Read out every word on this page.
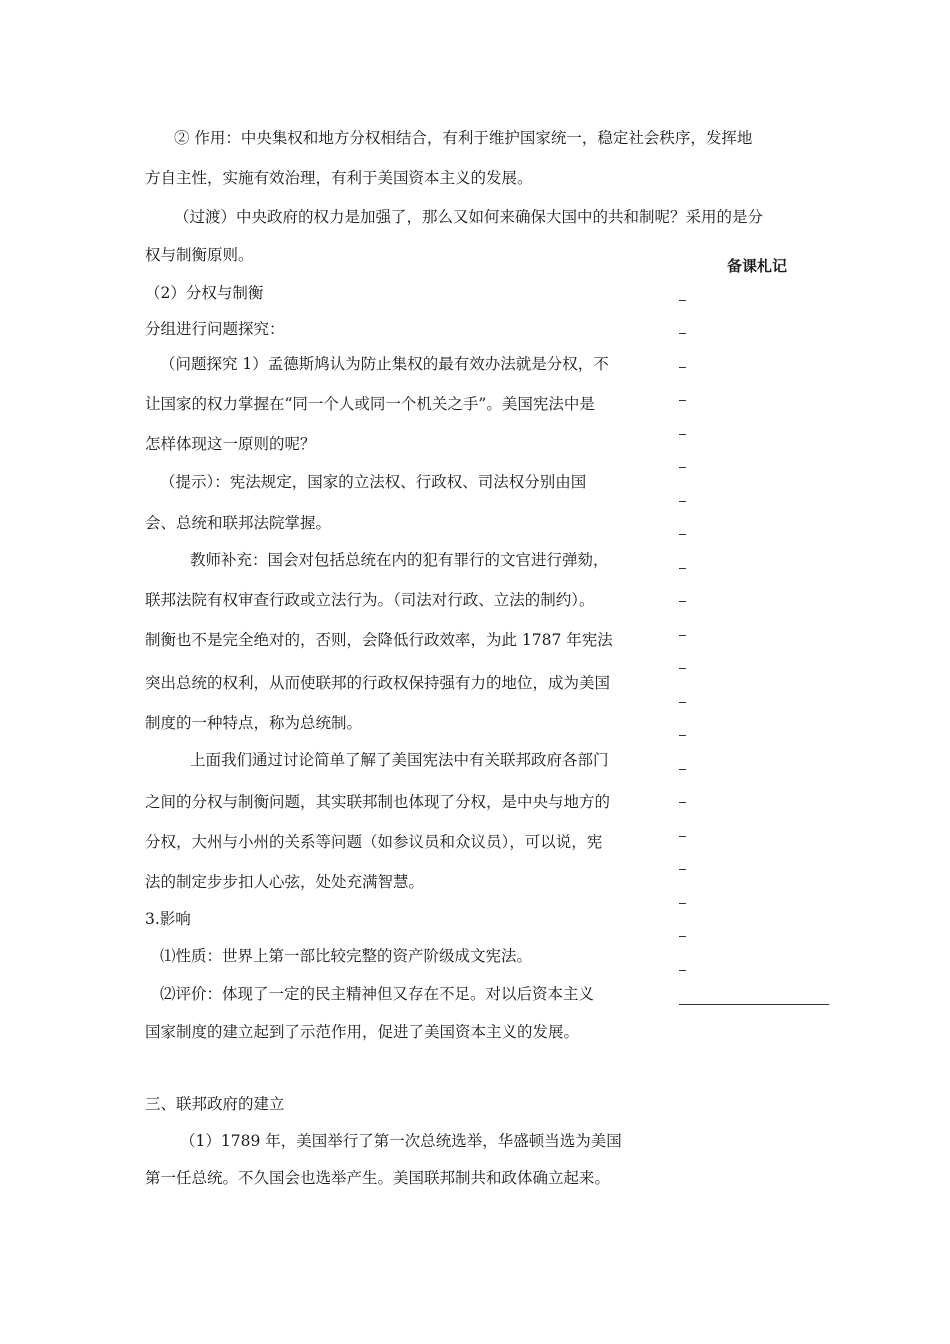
② 作用：中央集权和地方分权相结合，有利于维护国家统一，稳定社会秩序，发挥地
方自主性，实施有效治理，有利于美国资本主义的发展。
（过渡）中央政府的权力是加强了，那么又如何来确保大国中的共和制呢？采用的是分
权与制衡原则。
（2）分权与制衡
分组进行问题探究：
（问题探究 1）孟德斯鸠认为防止集权的最有效办法就是分权，不
让国家的权力掌握在“同一个人或同一个机关之手”。美国宪法中是
怎样体现这一原则的呢？
（提示）：宪法规定，国家的立法权、行政权、司法权分别由国
会、总统和联邦法院掌握。
教师补充：国会对包括总统在内的犯有罪行的文官进行弹劾，
联邦法院有权审查行政或立法行为。（司法对行政、立法的制约）。
制衡也不是完全绝对的，否则，会降低行政效率，为此 1787 年宪法
突出总统的权利，从而使联邦的行政权保持强有力的地位，成为美国
制度的一种特点，称为总统制。
上面我们通过讨论简单了解了美国宪法中有关联邦政府各部门
之间的分权与制衡问题，其实联邦制也体现了分权，是中央与地方的
分权，大州与小州的关系等问题（如参议员和众议员），可以说，宪
法的制定步步扣人心弦，处处充满智慧。
3.影响
⑴性质：世界上第一部比较完整的资产阶级成文宪法。
⑵评价：体现了一定的民主精神但又存在不足。对以后资本主义
国家制度的建立起到了示范作用，促进了美国资本主义的发展。
三、联邦政府的建立
（1）1789 年，美国举行了第一次总统选举，华盛顿当选为美国
第一任总统。不久国会也选举产生。美国联邦制共和政体确立起来。
备课札记
